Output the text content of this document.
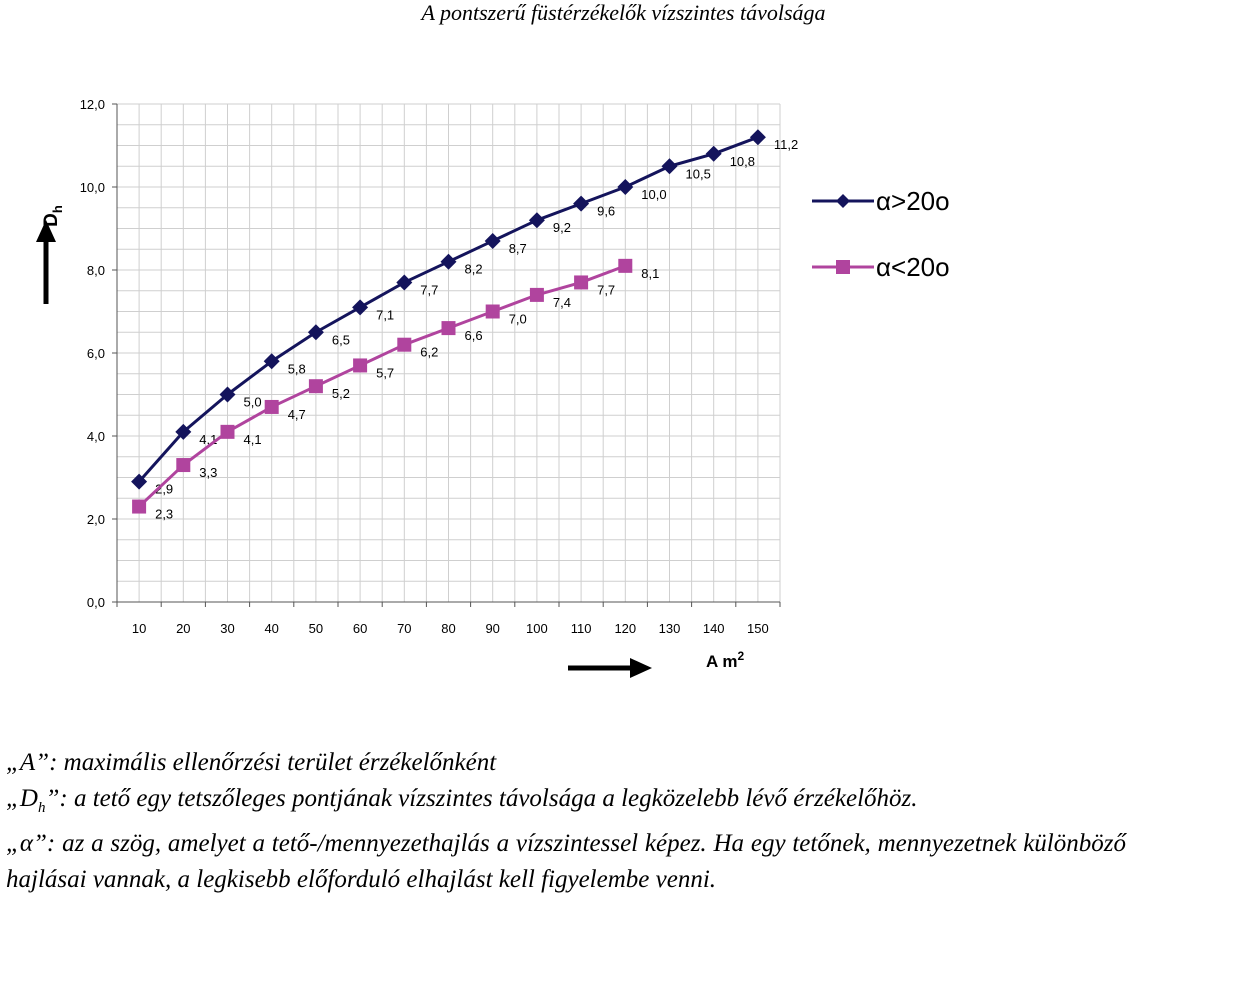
A pontszerű füstérzékelők vízszintes távolsága
0,0
2,0
4,0
6,0
8,0
10,0
12,0
10 20 30 40 50 60 70 80 90 100 110 120 130 140 150
2,9
4,1
5,0
5,8
6,5
7,1
7,7
8,2
8,7
9,2
9,6
10,0
10,5
10,8
11,2
2,3
3,3
4,1
4,7
5,2
5,7
6,2
6,6
7,0
7,4
7,7
8,1
$D_h$
A $m^2$
α>20o
α<20o

„A”: maximális ellenőrzési terület érzékelőnként

$„D_h$”: a tető egy tetszőleges pontjának vízszintes távolsága a legközelebb lévő érzékelőhöz.

„α”: az a szög, amelyet a tető-/mennyezethajlás a vízszintessel képez. Ha egy tetőnek, mennyezetnek különböző hajlásai vannak, a legkisebb előforduló elhajlást kell figyelembe venni.
